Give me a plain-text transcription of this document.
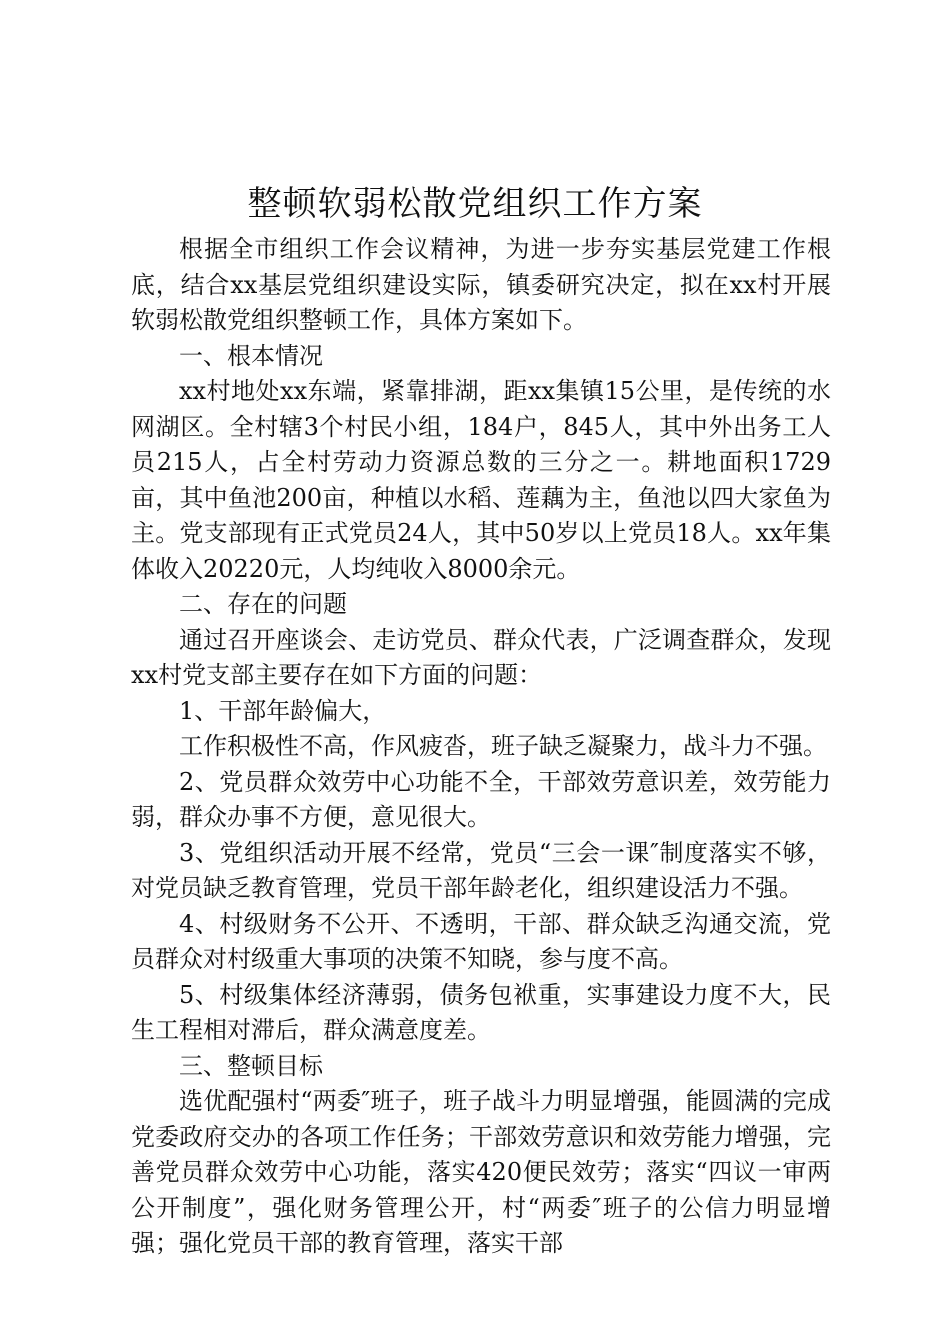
整顿软弱松散党组织工作方案

根据全市组织工作会议精神，为进一步夯实基层党建工作根底，结合xx基层党组织建设实际，镇委研究决定，拟在xx村开展软弱松散党组织整顿工作，具体方案如下。

一、根本情况

xx村地处xx东端，紧靠排湖，距xx集镇15公里，是传统的水网湖区。全村辖3个村民小组，184户，845人，其中外出务工人员215人，占全村劳动力资源总数的三分之一。耕地面积1729亩，其中鱼池200亩，种植以水稻、莲藕为主，鱼池以四大家鱼为主。党支部现有正式党员24人，其中50岁以上党员18人。xx年集体收入20220元，人均纯收入8000余元。

二、存在的问题

通过召开座谈会、走访党员、群众代表，广泛调查群众，发现xx村党支部主要存在如下方面的问题：

1、干部年龄偏大，

工作积极性不高，作风疲沓，班子缺乏凝聚力，战斗力不强。

2、党员群众效劳中心功能不全，干部效劳意识差，效劳能力弱，群众办事不方便，意见很大。

3、党组织活动开展不经常，党员“三会一课″制度落实不够，对党员缺乏教育管理，党员干部年龄老化，组织建设活力不强。

4、村级财务不公开、不透明，干部、群众缺乏沟通交流，党员群众对村级重大事项的决策不知晓，参与度不高。

5、村级集体经济薄弱，债务包袱重，实事建设力度不大，民生工程相对滞后，群众满意度差。

三、整顿目标

选优配强村“两委″班子，班子战斗力明显增强，能圆满的完成党委政府交办的各项工作任务；干部效劳意识和效劳能力增强，完善党员群众效劳中心功能，落实420便民效劳；落实“四议一审两公开制度”，强化财务管理公开，村“两委″班子的公信力明显增强；强化党员干部的教育管理，落实干部
